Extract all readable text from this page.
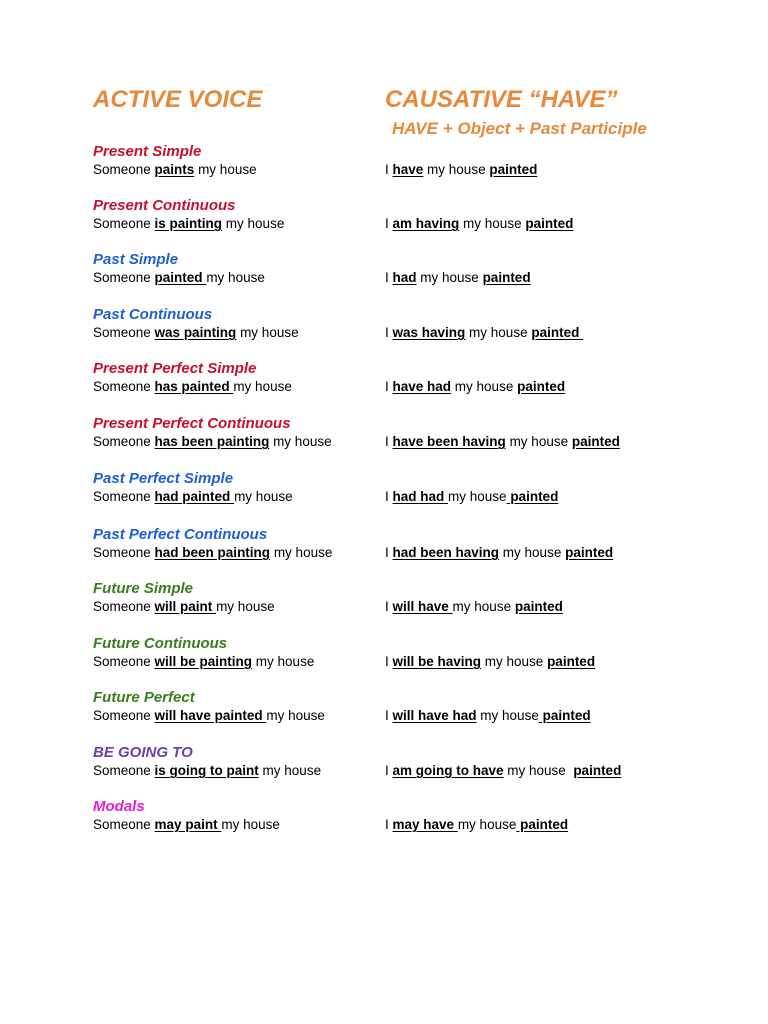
ACTIVE VOICE	CAUSATIVE “HAVE”
HAVE + Object + Past Participle
Present Simple
Someone paints my house	I have my house painted
Present Continuous
Someone is painting my house	I am having my house painted
Past Simple
Someone painted my house	I had my house painted
Past Continuous
Someone was painting my house	I was having my house painted
Present Perfect Simple
Someone has painted my house	I have had my house painted
Present Perfect Continuous
Someone has been painting my house	I have been having my house painted
Past Perfect Simple
Someone had painted my house	I had had my house painted
Past Perfect Continuous
Someone had been painting my house	I had been having my house painted
Future Simple
Someone will paint my house	I will have my house painted
Future Continuous
Someone will be painting my house	I will be having my house painted
Future Perfect
Someone will have painted my house	I will have had my house painted
BE GOING TO
Someone is going to paint my house	I am going to have my house  painted
Modals
Someone may paint my house	I may have my house painted
